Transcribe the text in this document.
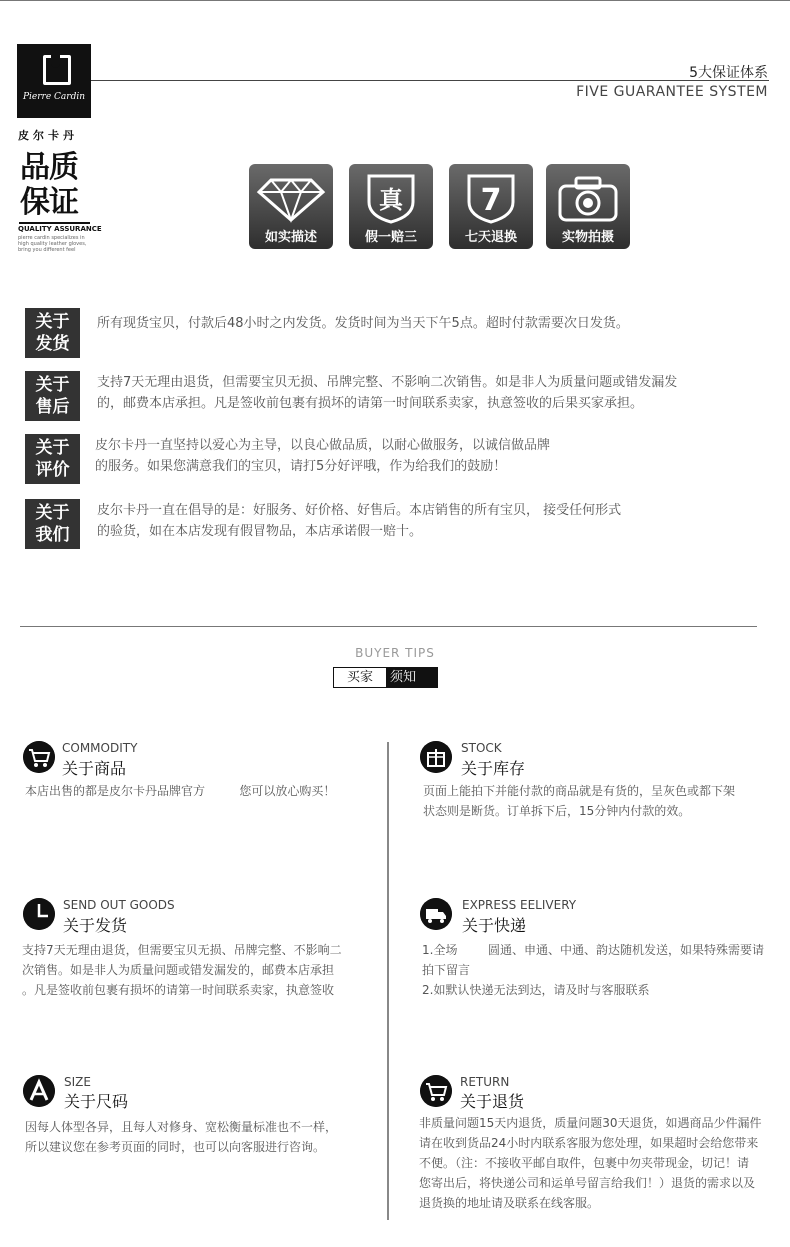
Pierre Cardin
皮尔卡丹
5大保证体系
FIVE GUARANTEE SYSTEM
品质
保证
QUALITY ASSURANCE
pierre cardin specializes in high quality leather gloves, bring you different feel
如实描述
真
假一赔三
7
七天退换	实物拍摄
关于
发货
所有现货宝贝，付款后48小时之内发货。发货时间为当天下午5点。超时付款需要次日发货。
关于
售后
支持7天无理由退货，但需要宝贝无损、吊牌完整、不影响二次销售。如是非人为质量问题或错发漏发
的，邮费本店承担。凡是签收前包裹有损坏的请第一时间联系卖家，执意签收的后果买家承担。
关于
评价
皮尔卡丹一直坚持以爱心为主导，以良心做品质，以耐心做服务，以诚信做品牌
的服务。如果您满意我们的宝贝，请打5分好评哦，作为给我们的鼓励！
关于
我们
皮尔卡丹一直在倡导的是：好服务、好价格、好售后。本店销售的所有宝贝， 接受任何形式
的验货，如在本店发现有假冒物品，本店承诺假一赔十。
BUYER TIPS
买家	须知
COMMODITY
关于商品
本店出售的都是皮尔卡丹品牌官方         您可以放心购买！
STOCK
关于库存
页面上能拍下并能付款的商品就是有货的，呈灰色或都下架
状态则是断货。订单拆下后，15分钟内付款的效。
SEND OUT GOODS
关于发货
支持7天无理由退货，但需要宝贝无损、吊牌完整、不影响二
次销售。如是非人为质量问题或错发漏发的，邮费本店承担
。凡是签收前包裹有损坏的请第一时间联系卖家，执意签收
EXPRESS EELIVERY
关于快递
1.全场        圆通、申通、中通、韵达随机发送，如果特殊需要请
拍下留言
2.如默认快递无法到达，请及时与客服联系
SIZE
关于尺码
因每人体型各异，且每人对修身、宽松衡量标准也不一样，
所以建议您在参考页面的同时，也可以向客服进行咨询。
RETURN
关于退货
非质量问题15天内退货，质量问题30天退货，如遇商品少件漏件
请在收到货品24小时内联系客服为您处理，如果超时会给您带来
不便。（注：不接收平邮自取件，包裹中勿夹带现金，切记！请
您寄出后，将快递公司和运单号留言给我们！）退货的需求以及
退货换的地址请及联系在线客服。
